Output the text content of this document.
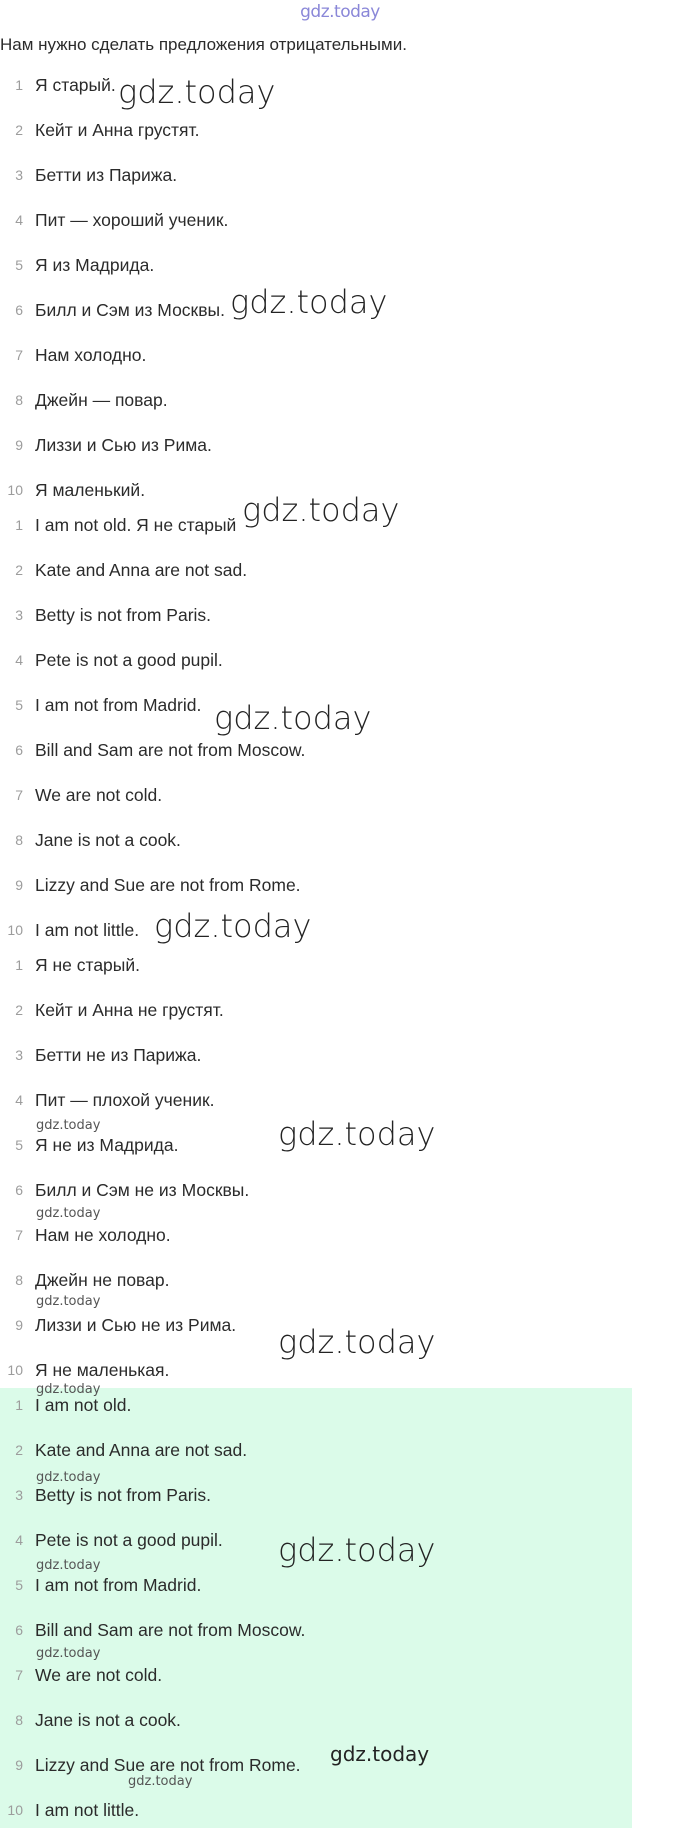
gdz.today
Нам нужно сделать предложения отрицательными.
1 Я старый.
2 Кейт и Анна грустят.
3 Бетти из Парижа.
4 Пит — хороший ученик.
5 Я из Мадрида.
6 Билл и Сэм из Москвы.
7 Нам холодно.
8 Джейн — повар.
9 Лиззи и Сью из Рима.
10 Я маленький.
1 I am not old. Я не старый
2 Kate and Anna are not sad.
3 Betty is not from Paris.
4 Pete is not a good pupil.
5 I am not from Madrid.
6 Bill and Sam are not from Moscow.
7 We are not cold.
8 Jane is not a cook.
9 Lizzy and Sue are not from Rome.
10 I am not little.
1 Я не старый.
2 Кейт и Анна не грустят.
3 Бетти не из Парижа.
4 Пит — плохой ученик.
5 Я не из Мадрида.
6 Билл и Сэм не из Москвы.
7 Нам не холодно.
8 Джейн не повар.
9 Лиззи и Сью не из Рима.
10 Я не маленькая.
1 I am not old.
2 Kate and Anna are not sad.
3 Betty is not from Paris.
4 Pete is not a good pupil.
5 I am not from Madrid.
6 Bill and Sam are not from Moscow.
7 We are not cold.
8 Jane is not a cook.
9 Lizzy and Sue are not from Rome.
10 I am not little.
gdz.today
gdz.today
gdz.today
gdz.today
gdz.today
gdz.today
gdz.today
gdz.today
gdz.today
gdz.today
gdz.today
gdz.today
gdz.today
gdz.today
gdz.today
gdz.today
gdz.today
